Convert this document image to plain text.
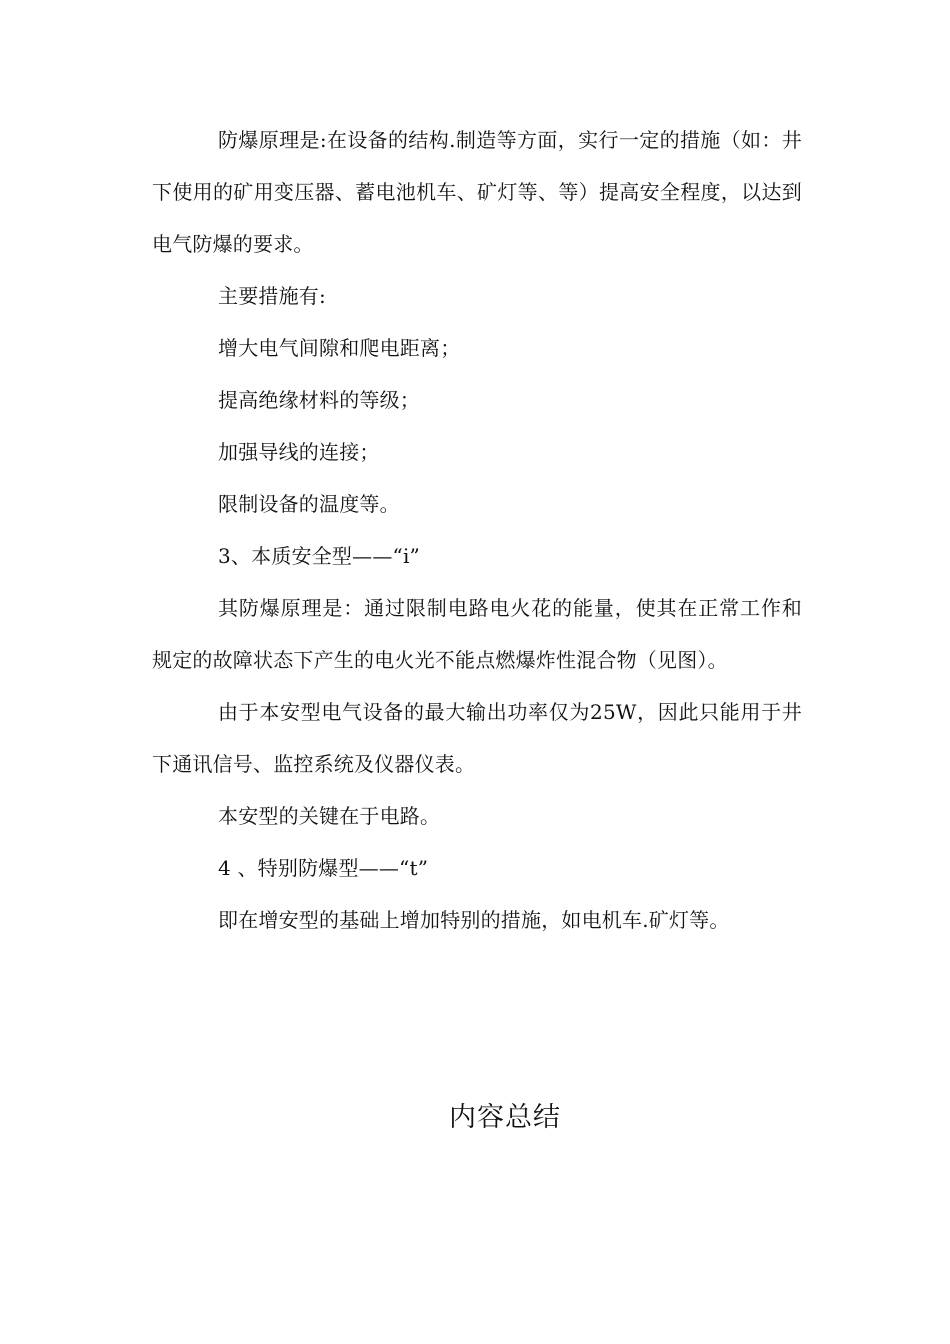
防爆原理是:在设备的结构.制造等方面，实行一定的措施（如：井下使用的矿用变压器、蓄电池机车、矿灯等、等）提高安全程度，以达到电气防爆的要求。

主要措施有:

增大电气间隙和爬电距离；

提高绝缘材料的等级；

加强导线的连接；

限制设备的温度等。

3、本质安全型——“i”

其防爆原理是：通过限制电路电火花的能量，使其在正常工作和规定的故障状态下产生的电火光不能点燃爆炸性混合物（见图）。

由于本安型电气设备的最大输出功率仅为25W，因此只能用于井下通讯信号、监控系统及仪器仪表。

本安型的关键在于电路。

4 、特别防爆型——“t”

即在增安型的基础上增加特别的措施，如电机车.矿灯等。

内容总结
